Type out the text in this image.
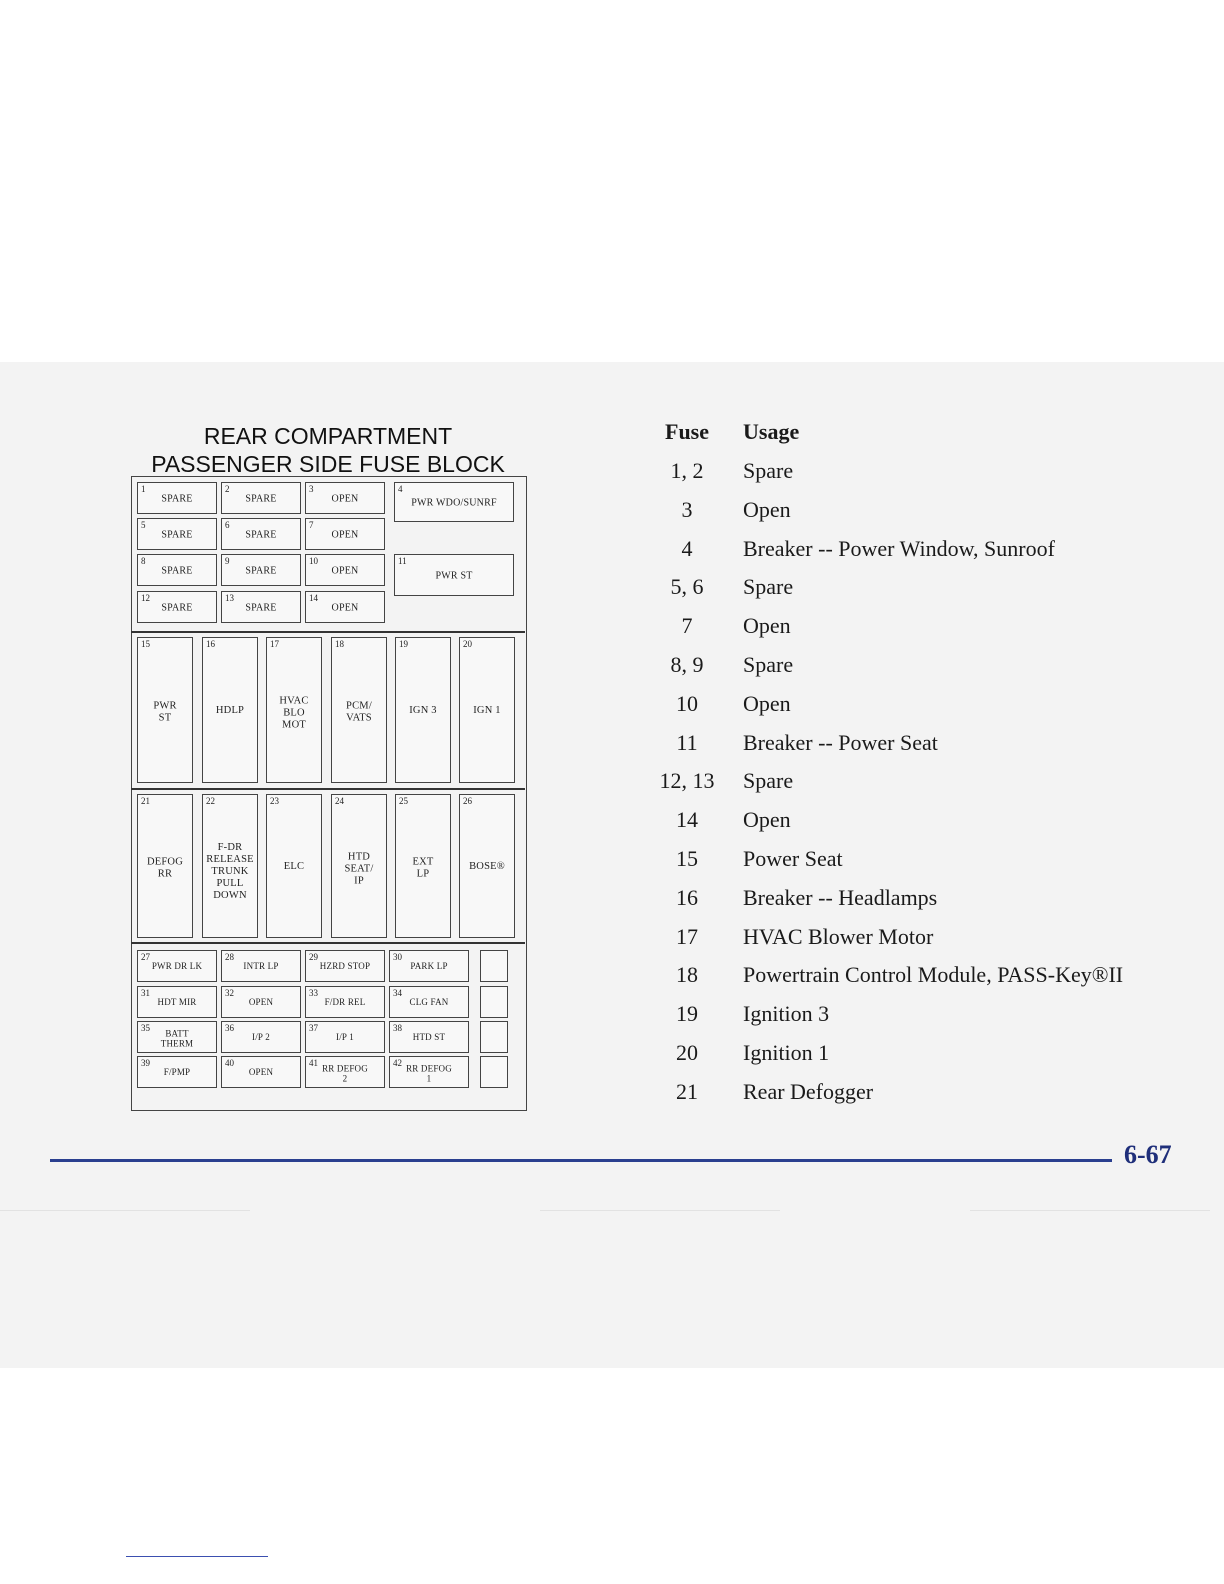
REAR COMPARTMENT
PASSENGER SIDE FUSE BLOCK
1
SPARE
2
SPARE
3
OPEN
5
SPARE
6
SPARE
7
OPEN
8
SPARE
9
SPARE
10
OPEN
12
SPARE
13
SPARE
14
OPEN
4
PWR WDO/SUNRF
11
PWR ST
15
PWR
ST
16
HDLP
17
HVAC
BLO
MOT
18
PCM/
VATS
19
IGN 3
20
IGN 1
21
DEFOG
RR
22
F-DR
RELEASE
TRUNK
PULL
DOWN
23
ELC
24
HTD
SEAT/
IP
25
EXT
LP
26
BOSE®
27
PWR DR LK
28
INTR LP
29
HZRD STOP
30
PARK LP
31
HDT MIR
32
OPEN
33
F/DR REL
34
CLG FAN
35
BATT
THERM
36
I/P 2
37
I/P 1
38
HTD ST
39
F/PMP
40
OPEN
41
RR DEFOG
2
42
RR DEFOG
1
Fuse	Usage
1, 2	Spare
3	Open
4	Breaker -- Power Window, Sunroof
5, 6	Spare
7	Open
8, 9	Spare
10	Open
11	Breaker -- Power Seat
12, 13	Spare
14	Open
15	Power Seat
16	Breaker -- Headlamps
17	HVAC Blower Motor
18	Powertrain Control Module, PASS-Key®II
19	Ignition 3
20	Ignition 1
21	Rear Defogger
6-67
